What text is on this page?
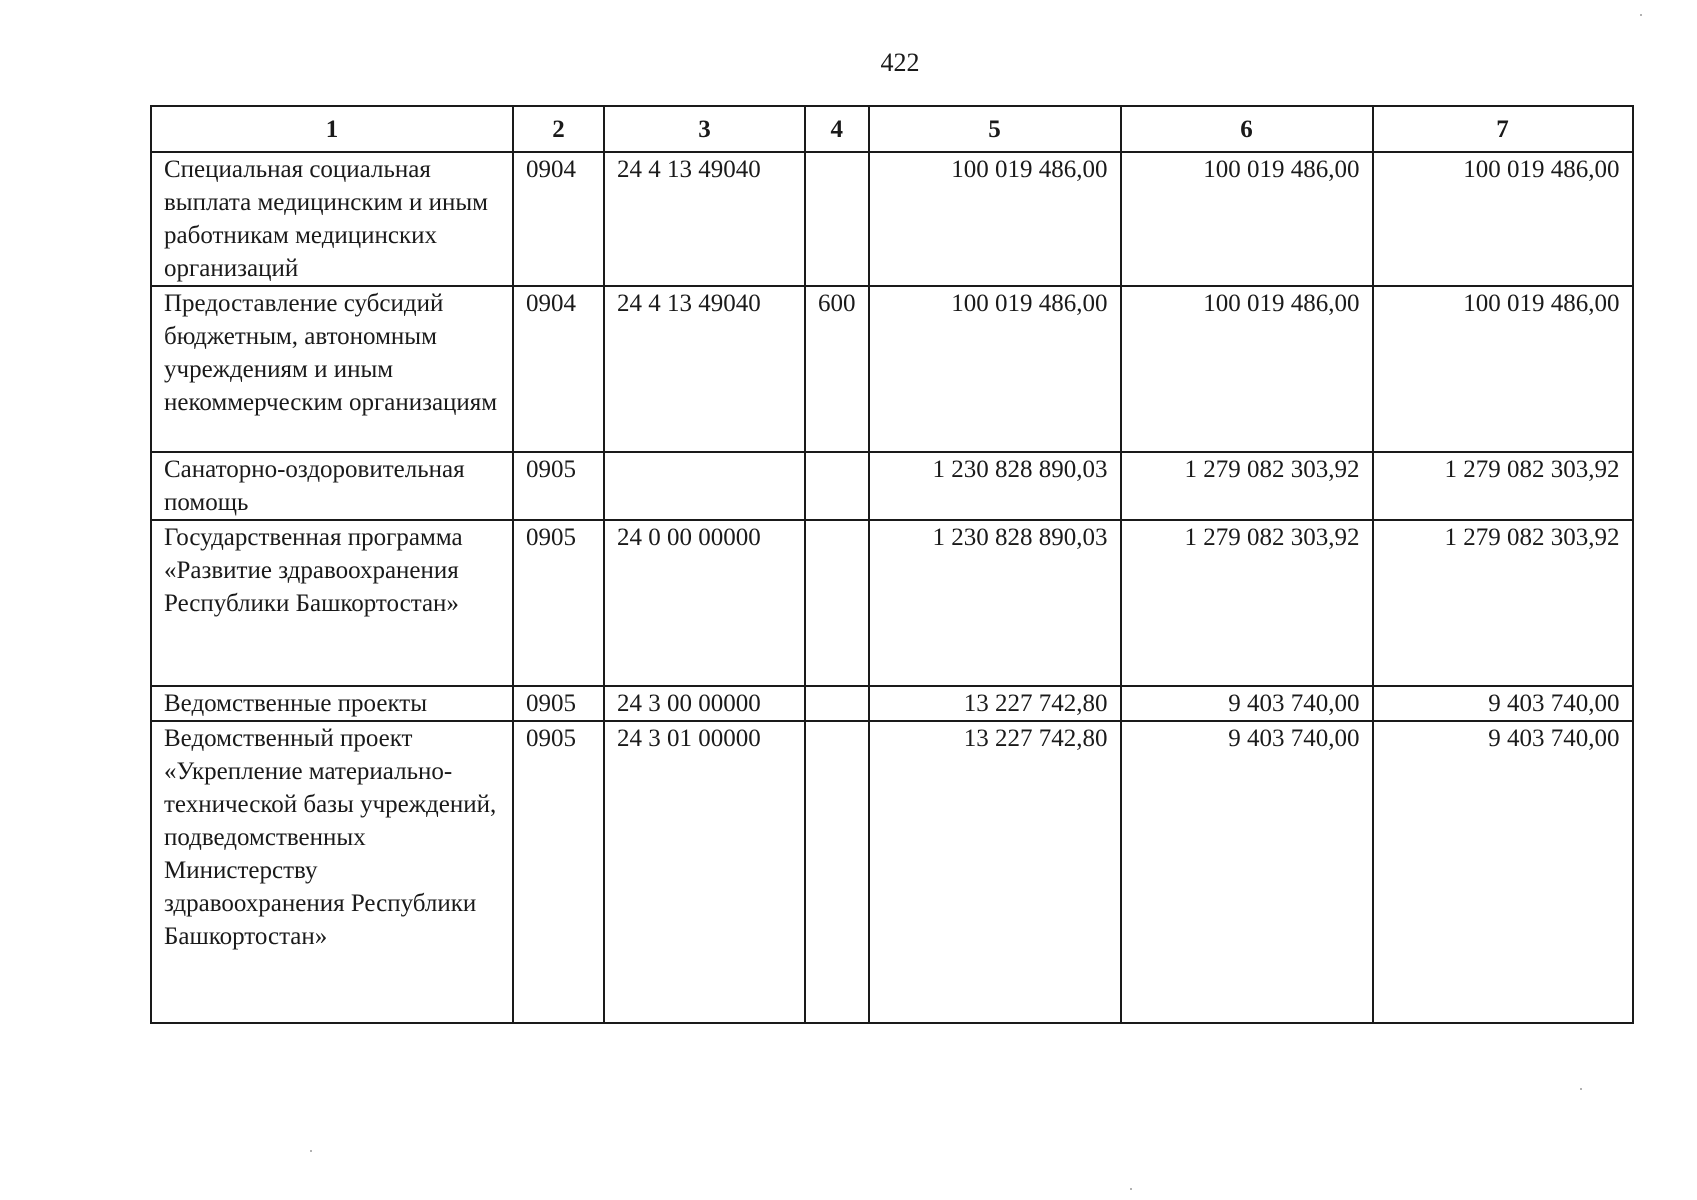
422
1	2	3	4	5	6	7
Специальная социальная выплата медицинским и иным работникам медицинских организаций	0904	24 4 13 49040		100 019 486,00	100 019 486,00	100 019 486,00
Предоставление субсидий бюджетным, автономным учреждениям и иным некоммерческим организациям	0904	24 4 13 49040	600	100 019 486,00	100 019 486,00	100 019 486,00
Санаторно-оздоровительная помощь	0905			1 230 828 890,03	1 279 082 303,92	1 279 082 303,92
Государственная программа «Развитие здравоохранения Республики Башкортостан»	0905	24 0 00 00000		1 230 828 890,03	1 279 082 303,92	1 279 082 303,92
Ведомственные проекты	0905	24 3 00 00000		13 227 742,80	9 403 740,00	9 403 740,00
Ведомственный проект «Укрепление материально-технической базы учреждений, подведомственных Министерству здравоохранения Республики Башкортостан»	0905	24 3 01 00000		13 227 742,80	9 403 740,00	9 403 740,00
